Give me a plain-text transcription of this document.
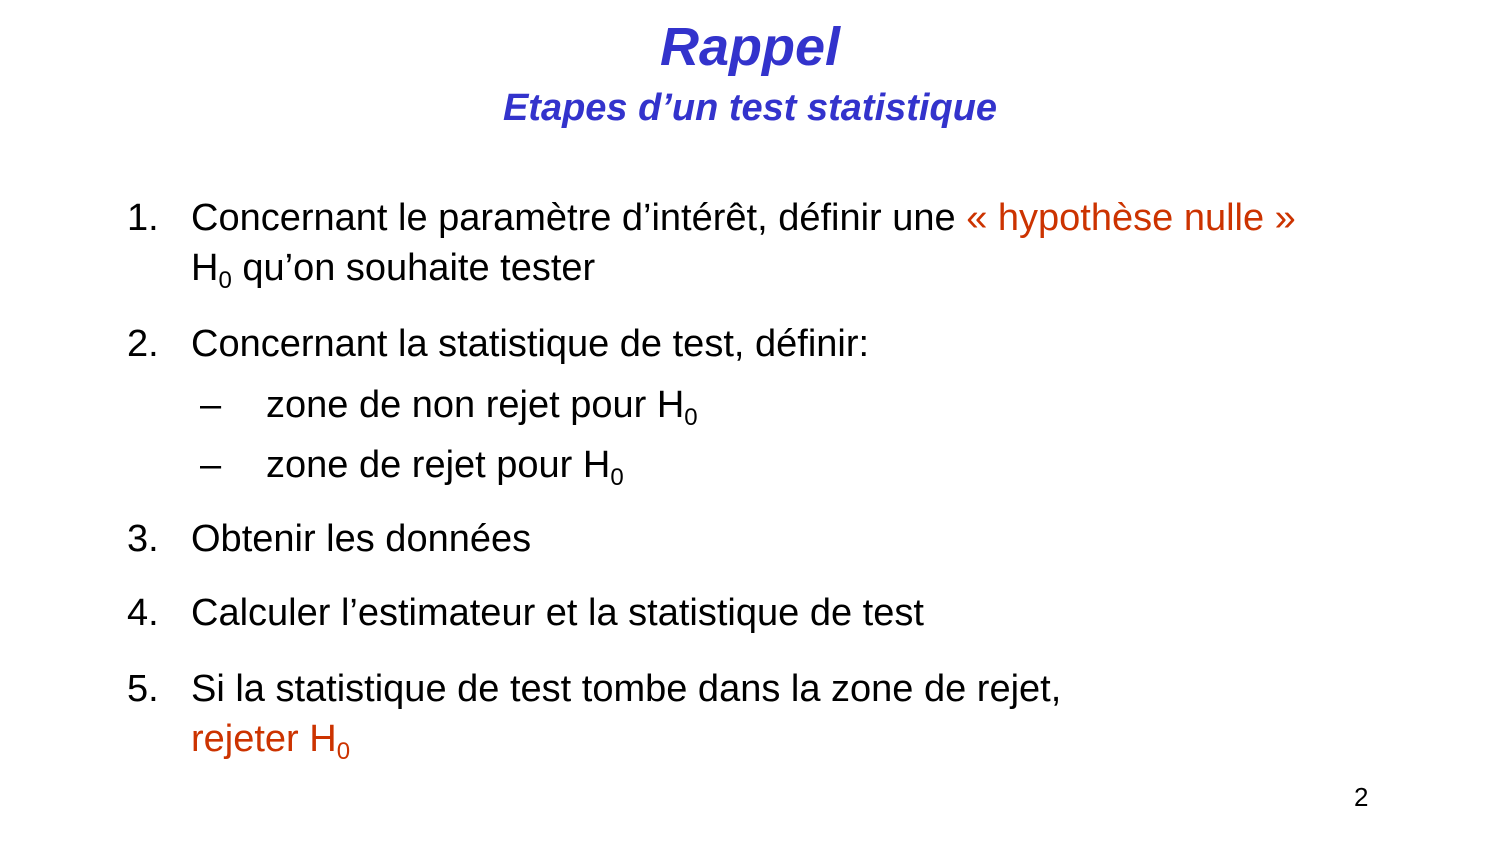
Rappel
Etapes d’un test statistique
1. Concernant le paramètre d’intérêt, définir une « hypothèse nulle »
$H_0$ qu’on souhaite tester
2. Concernant la statistique de test, définir:
– zone de non rejet pour $H_0$
– zone de rejet pour $H_0$
3. Obtenir les données
4. Calculer l’estimateur et la statistique de test
5. Si la statistique de test tombe dans la zone de rejet,
rejeter $H_0$
2
